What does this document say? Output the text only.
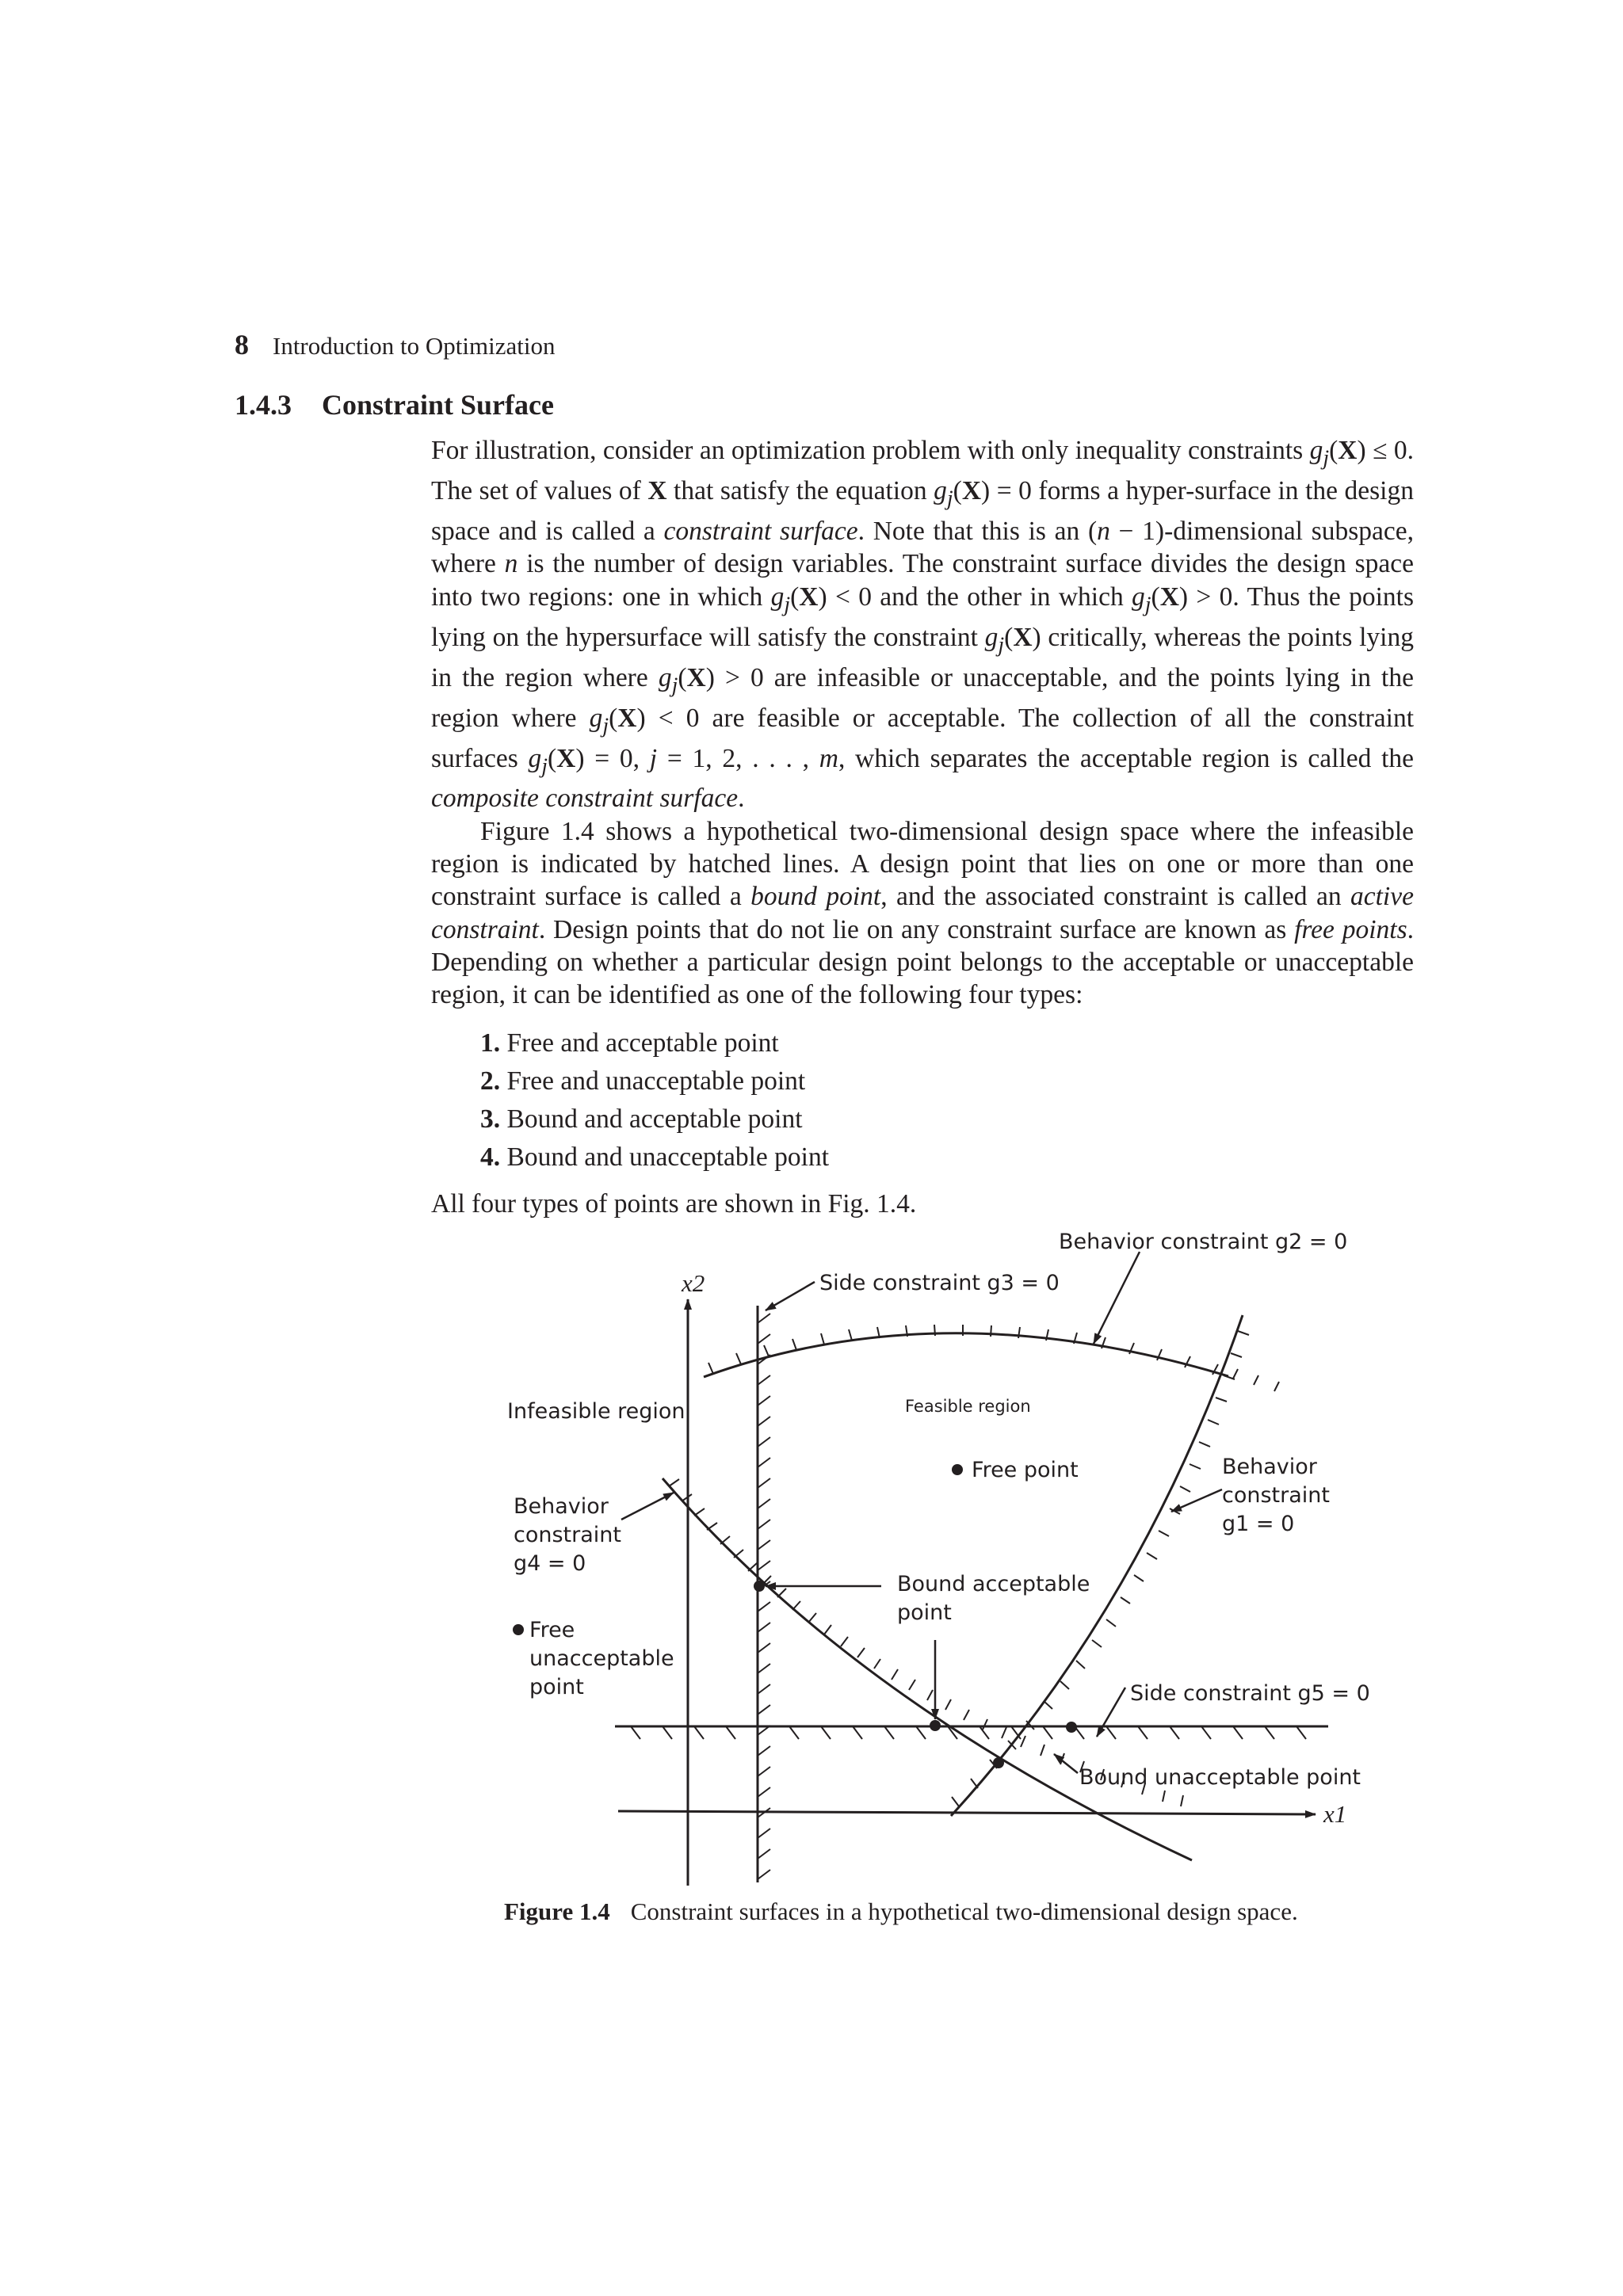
8 Introduction to Optimization
1.4.3 Constraint Surface

For illustration, consider an optimization problem with only inequality constraints $g_j(X) \le 0$. The set of values of X that satisfy the equation $g_j(X) = 0$ forms a hyper-surface in the design space and is called a constraint surface. Note that this is an (n − 1)-dimensional subspace, where n is the number of design variables. The constraint surface divides the design space into two regions: one in which $g_j(X) < 0$ and the other in which $g_j(X) > 0$. Thus the points lying on the hypersurface will satisfy the constraint $g_j(X)$ critically, whereas the points lying in the region where $g_j(X) > 0$ are infeasible or unacceptable, and the points lying in the region where $g_j(X) < 0$ are feasible or acceptable. The collection of all the constraint surfaces $g_j(X) = 0$, j = 1, 2, . . . , m, which separates the acceptable region is called the composite constraint surface.

Figure 1.4 shows a hypothetical two-dimensional design space where the infeasible region is indicated by hatched lines. A design point that lies on one or more than one constraint surface is called a bound point, and the associated constraint is called an active constraint. Design points that do not lie on any constraint surface are known as free points. Depending on whether a particular design point belongs to the acceptable or unacceptable region, it can be identified as one of the following four types:

1. Free and acceptable point
2. Free and unacceptable point
3. Bound and acceptable point
4. Bound and unacceptable point

All four types of points are shown in Fig. 1.4.

x2
x1
Behavior constraint g2 = 0
Side constraint g3 = 0
Infeasible region	Feasible region
Free point
Behavior
constraint
g4 = 0
Free
unacceptable
point
Bound acceptable
point
Behavior
constraint
g1 = 0
Side constraint g5 = 0
Bound unacceptable point
Figure 1.4 Constraint surfaces in a hypothetical two-dimensional design space.
